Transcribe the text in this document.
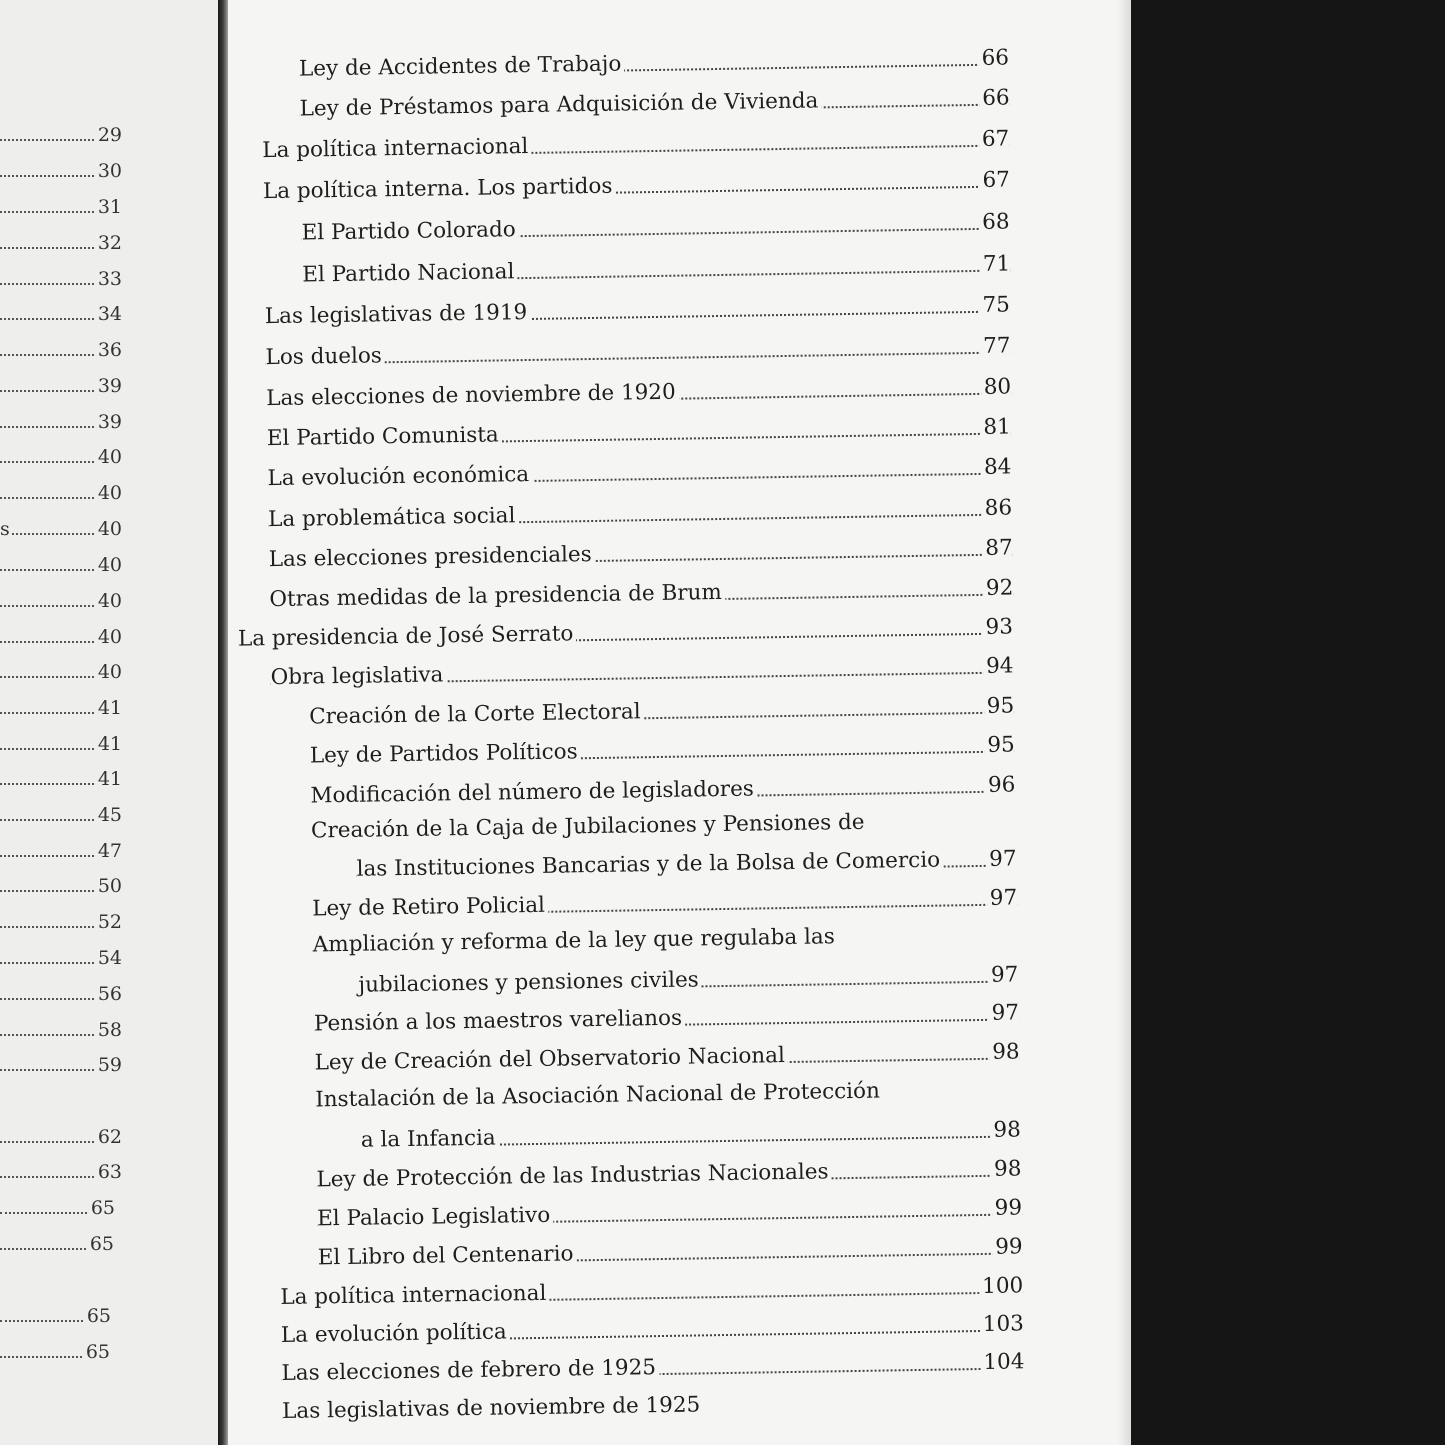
29
30
31
32
33
34
36
39
39
40
40
s	40
40
40
40
40
41
41
41
45
47
50
52
54
56
58
59
62
63
65
65
65
65
Ley de Accidentes de Trabajo	66
Ley de Préstamos para Adquisición de Vivienda	66
La política internacional	67
La política interna. Los partidos	67
El Partido Colorado	68
El Partido Nacional	71
Las legislativas de 1919	75
Los duelos	77
Las elecciones de noviembre de 1920	80
El Partido Comunista	81
La evolución económica	84
La problemática social	86
Las elecciones presidenciales	87
Otras medidas de la presidencia de Brum	92
La presidencia de José Serrato	93
Obra legislativa	94
Creación de la Corte Electoral	95
Ley de Partidos Políticos	95
Modificación del número de legisladores	96
Creación de la Caja de Jubilaciones y Pensiones de
las Instituciones Bancarias y de la Bolsa de Comercio 97
Ley de Retiro Policial	97
Ampliación y reforma de la ley que regulaba las
jubilaciones y pensiones civiles	97
Pensión a los maestros varelianos	97
Ley de Creación del Observatorio Nacional	98
Instalación de la Asociación Nacional de Protección
a la Infancia	98
Ley de Protección de las Industrias Nacionales	98
El Palacio Legislativo	99
El Libro del Centenario	99
La política internacional	100
La evolución política	103
Las elecciones de febrero de 1925	104
Las legislativas de noviembre de 1925
